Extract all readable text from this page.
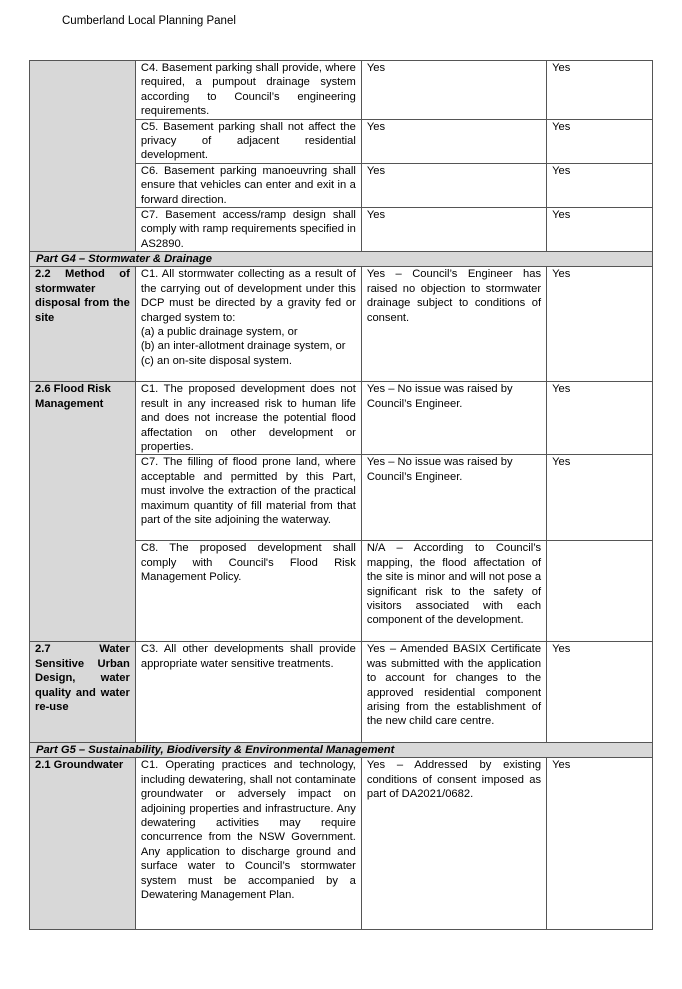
Cumberland Local Planning Panel
	C4. Basement parking shall provide, where required, a pumpout drainage system according to Council’s engineering requirements.	Yes	Yes
	C5. Basement parking shall not affect the privacy of adjacent residential development.	Yes	Yes
	C6. Basement parking manoeuvring shall ensure that vehicles can enter and exit in a forward direction.	Yes	Yes
	C7. Basement access/ramp design shall comply with ramp requirements specified in AS2890.	Yes	Yes
Part G4 – Stormwater & Drainage			
2.2 Method of stormwater disposal from the site	C1. All stormwater collecting as a result of the carrying out of development under this DCP must be directed by a gravity fed or charged system to:
(a) a public drainage system, or
(b) an inter-allotment drainage system, or
(c) an on-site disposal system.	Yes – Council’s Engineer has raised no objection to stormwater drainage subject to conditions of consent.	Yes
2.6 Flood Risk Management	C1. The proposed development does not result in any increased risk to human life and does not increase the potential flood affectation on other development or properties.	Yes – No issue was raised by Council’s Engineer.	Yes
	C7. The filling of flood prone land, where acceptable and permitted by this Part, must involve the extraction of the practical maximum quantity of fill material from that part of the site adjoining the waterway.	Yes – No issue was raised by Council’s Engineer.	Yes
	C8. The proposed development shall comply with Council's Flood Risk Management Policy.	N/A – According to Council’s mapping, the flood affectation of the site is minor and will not pose a significant risk to the safety of visitors associated with each component of the development.	
2.7 Water Sensitive Urban Design, water quality and water re-use	C3. All other developments shall provide appropriate water sensitive treatments.	Yes – Amended BASIX Certificate was submitted with the application to account for changes to the approved residential component arising from the establishment of the new child care centre.	Yes
Part G5 – Sustainability, Biodiversity & Environmental Management			
2.1 Groundwater	C1. Operating practices and technology, including dewatering, shall not contaminate groundwater or adversely impact on adjoining properties and infrastructure. Any dewatering activities may require concurrence from the NSW Government. Any application to discharge ground and surface water to Council’s stormwater system must be accompanied by a Dewatering Management Plan.	Yes – Addressed by existing conditions of consent imposed as part of DA2021/0682.	Yes
